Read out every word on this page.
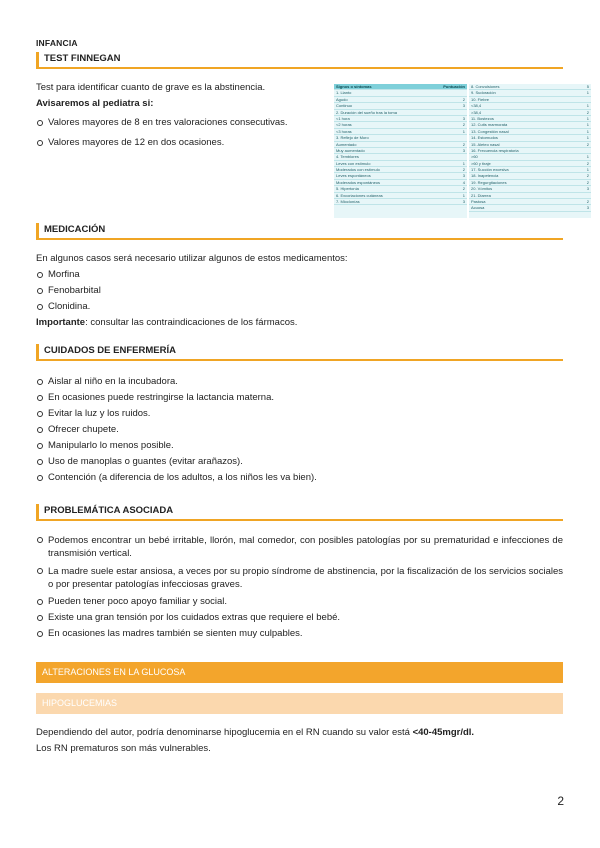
INFANCIA
TEST FINNEGAN
Test para identificar cuanto de grave es la abstinencia.
Avisaremos al pediatra si:
Valores mayores de 8 en tres valoraciones consecutivas.
Valores mayores de 12 en dos ocasiones.
Signos o síntomas	Puntuación
1. Llanto
Agudo	2
Continuo	3
2. Duración del sueño tras la toma
<1 hora	3
<2 horas	2
<3 horas	1
3. Reflejo de Moro
Aumentado	2
Muy aumentado	3
4. Temblores
Leves con estímulo	1
Moderados con estímulo	2
Leves espontáneos	3
Moderados espontáneos	4
5. Hipertonía	2
6. Excoriaciones cutáneas	1
7. Mioclonías	3
8. Convulsiones	5
9. Sudoración	1
10. Fiebre
<38,4	1
>38,4	2
11. Bostezos	1
12. Cutis marmorata	1
13. Congestión nasal	1
14. Estornudos	1
15. Aleteo nasal	2
16. Frecuencia respiratoria
>60	1
>60 y tiraje	2
17. Succión excesiva	1
18. Inapetencia	2
19. Regurgitaciones	2
20. Vómitos	3
21. Diarrea
Pastosa	2
Acuosa	3
MEDICACIÓN
En algunos casos será necesario utilizar algunos de estos medicamentos:
Morfina
Fenobarbital
Clonidina.
Importante: consultar las contraindicaciones de los fármacos.
CUIDADOS DE ENFERMERÍA
Aislar al niño en la incubadora.
En ocasiones puede restringirse la lactancia materna.
Evitar la luz y los ruidos.
Ofrecer chupete.
Manipularlo lo menos posible.
Uso de manoplas o guantes (evitar arañazos).
Contención (a diferencia de los adultos, a los niños les va bien).
PROBLEMÁTICA ASOCIADA
Podemos encontrar un bebé irritable, llorón, mal comedor, con posibles patologías por su prematuridad e infecciones de transmisión vertical.
La madre suele estar ansiosa, a veces por su propio síndrome de abstinencia, por la fiscalización de los servicios sociales o por presentar patologías infecciosas graves.
Pueden tener poco apoyo familiar y social.
Existe una gran tensión por los cuidados extras que requiere el bebé.
En ocasiones las madres también se sienten muy culpables.
ALTERACIONES EN LA GLUCOSA
HIPOGLUCEMIAS
Dependiendo del autor, podría denominarse hipoglucemia en el RN cuando su valor está <40-45mgr/dl.
Los RN prematuros son más vulnerables.
2
